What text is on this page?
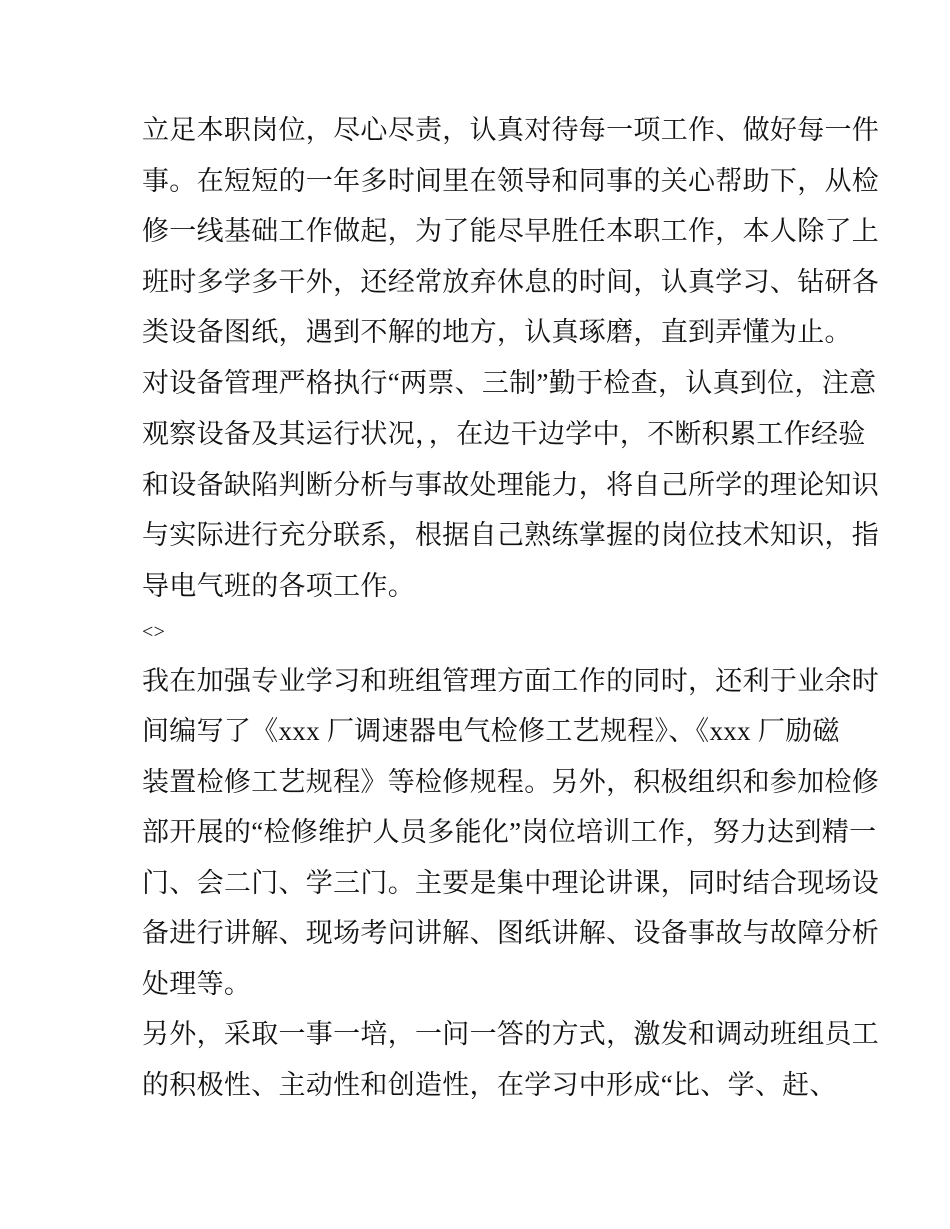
立足本职岗位，尽心尽责，认真对待每一项工作、做好每一件
事。在短短的一年多时间里在领导和同事的关心帮助下，从检
修一线基础工作做起，为了能尽早胜任本职工作，本人除了上
班时多学多干外，还经常放弃休息的时间，认真学习、钻研各
类设备图纸，遇到不解的地方，认真琢磨，直到弄懂为止。
对设备管理严格执行“两票、三制”勤于检查，认真到位，注意
观察设备及其运行状况，，在边干边学中，不断积累工作经验
和设备缺陷判断分析与事故处理能力，将自己所学的理论知识
与实际进行充分联系，根据自己熟练掌握的岗位技术知识，指
导电气班的各项工作。
<>
我在加强专业学习和班组管理方面工作的同时，还利于业余时
间编写了《xxx 厂调速器电气检修工艺规程》、《xxx 厂励磁
装置检修工艺规程》等检修规程。另外，积极组织和参加检修
部开展的“检修维护人员多能化”岗位培训工作，努力达到精一
门、会二门、学三门。主要是集中理论讲课，同时结合现场设
备进行讲解、现场考问讲解、图纸讲解、设备事故与故障分析
处理等。
另外，采取一事一培，一问一答的方式，激发和调动班组员工
的积极性、主动性和创造性，在学习中形成“比、学、赶、
